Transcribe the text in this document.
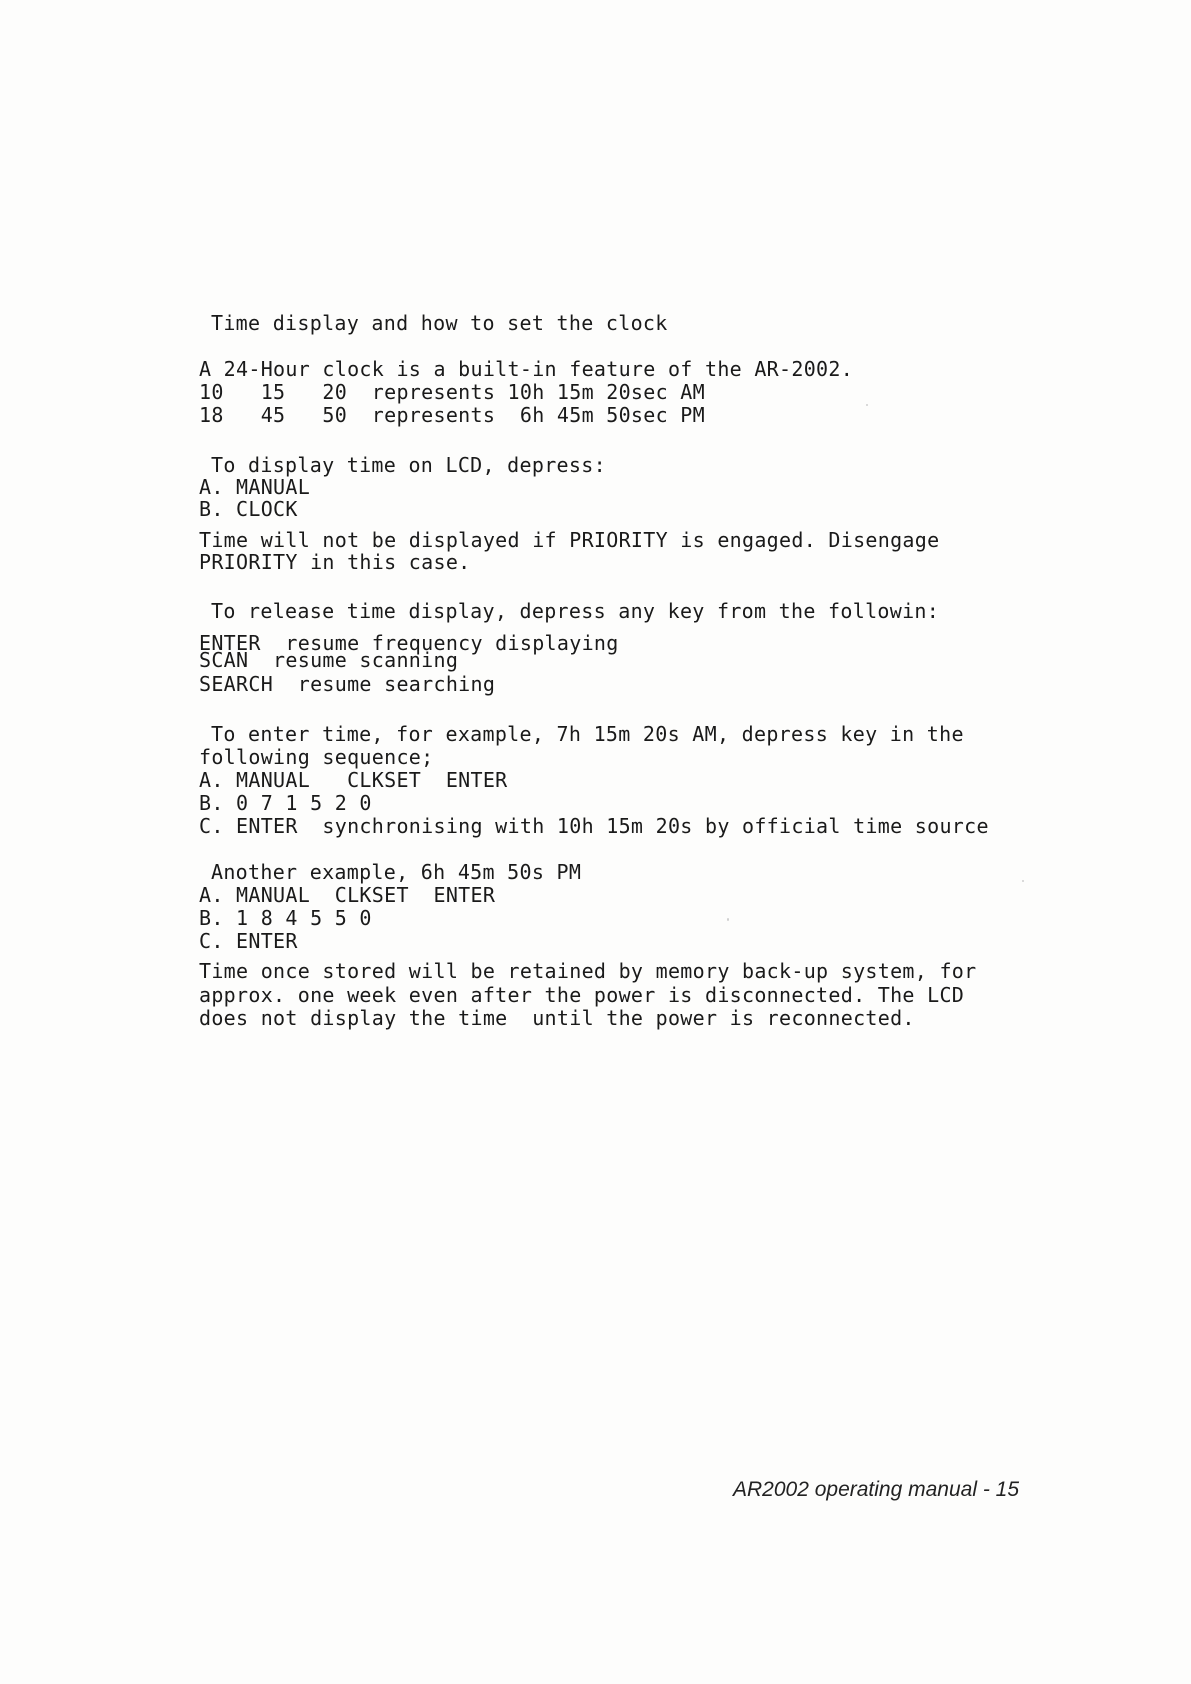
Time display and how to set the clock
A 24-Hour clock is a built-in feature of the AR-2002.
10   15   20  represents 10h 15m 20sec AM
18   45   50  represents  6h 45m 50sec PM
To display time on LCD, depress:
A. MANUAL
B. CLOCK
Time will not be displayed if PRIORITY is engaged. Disengage
PRIORITY in this case.
To release time display, depress any key from the followin:
ENTER  resume frequency displaying
SCAN  resume scanning
SEARCH  resume searching
To enter time, for example, 7h 15m 20s AM, depress key in the
following sequence;
A. MANUAL   CLKSET  ENTER
B. 0 7 1 5 2 0
C. ENTER  synchronising with 10h 15m 20s by official time source
Another example, 6h 45m 50s PM
A. MANUAL  CLKSET  ENTER
B. 1 8 4 5 5 0
C. ENTER
Time once stored will be retained by memory back-up system, for
approx. one week even after the power is disconnected. The LCD
does not display the time  until the power is reconnected.
AR2002 operating manual - 15
